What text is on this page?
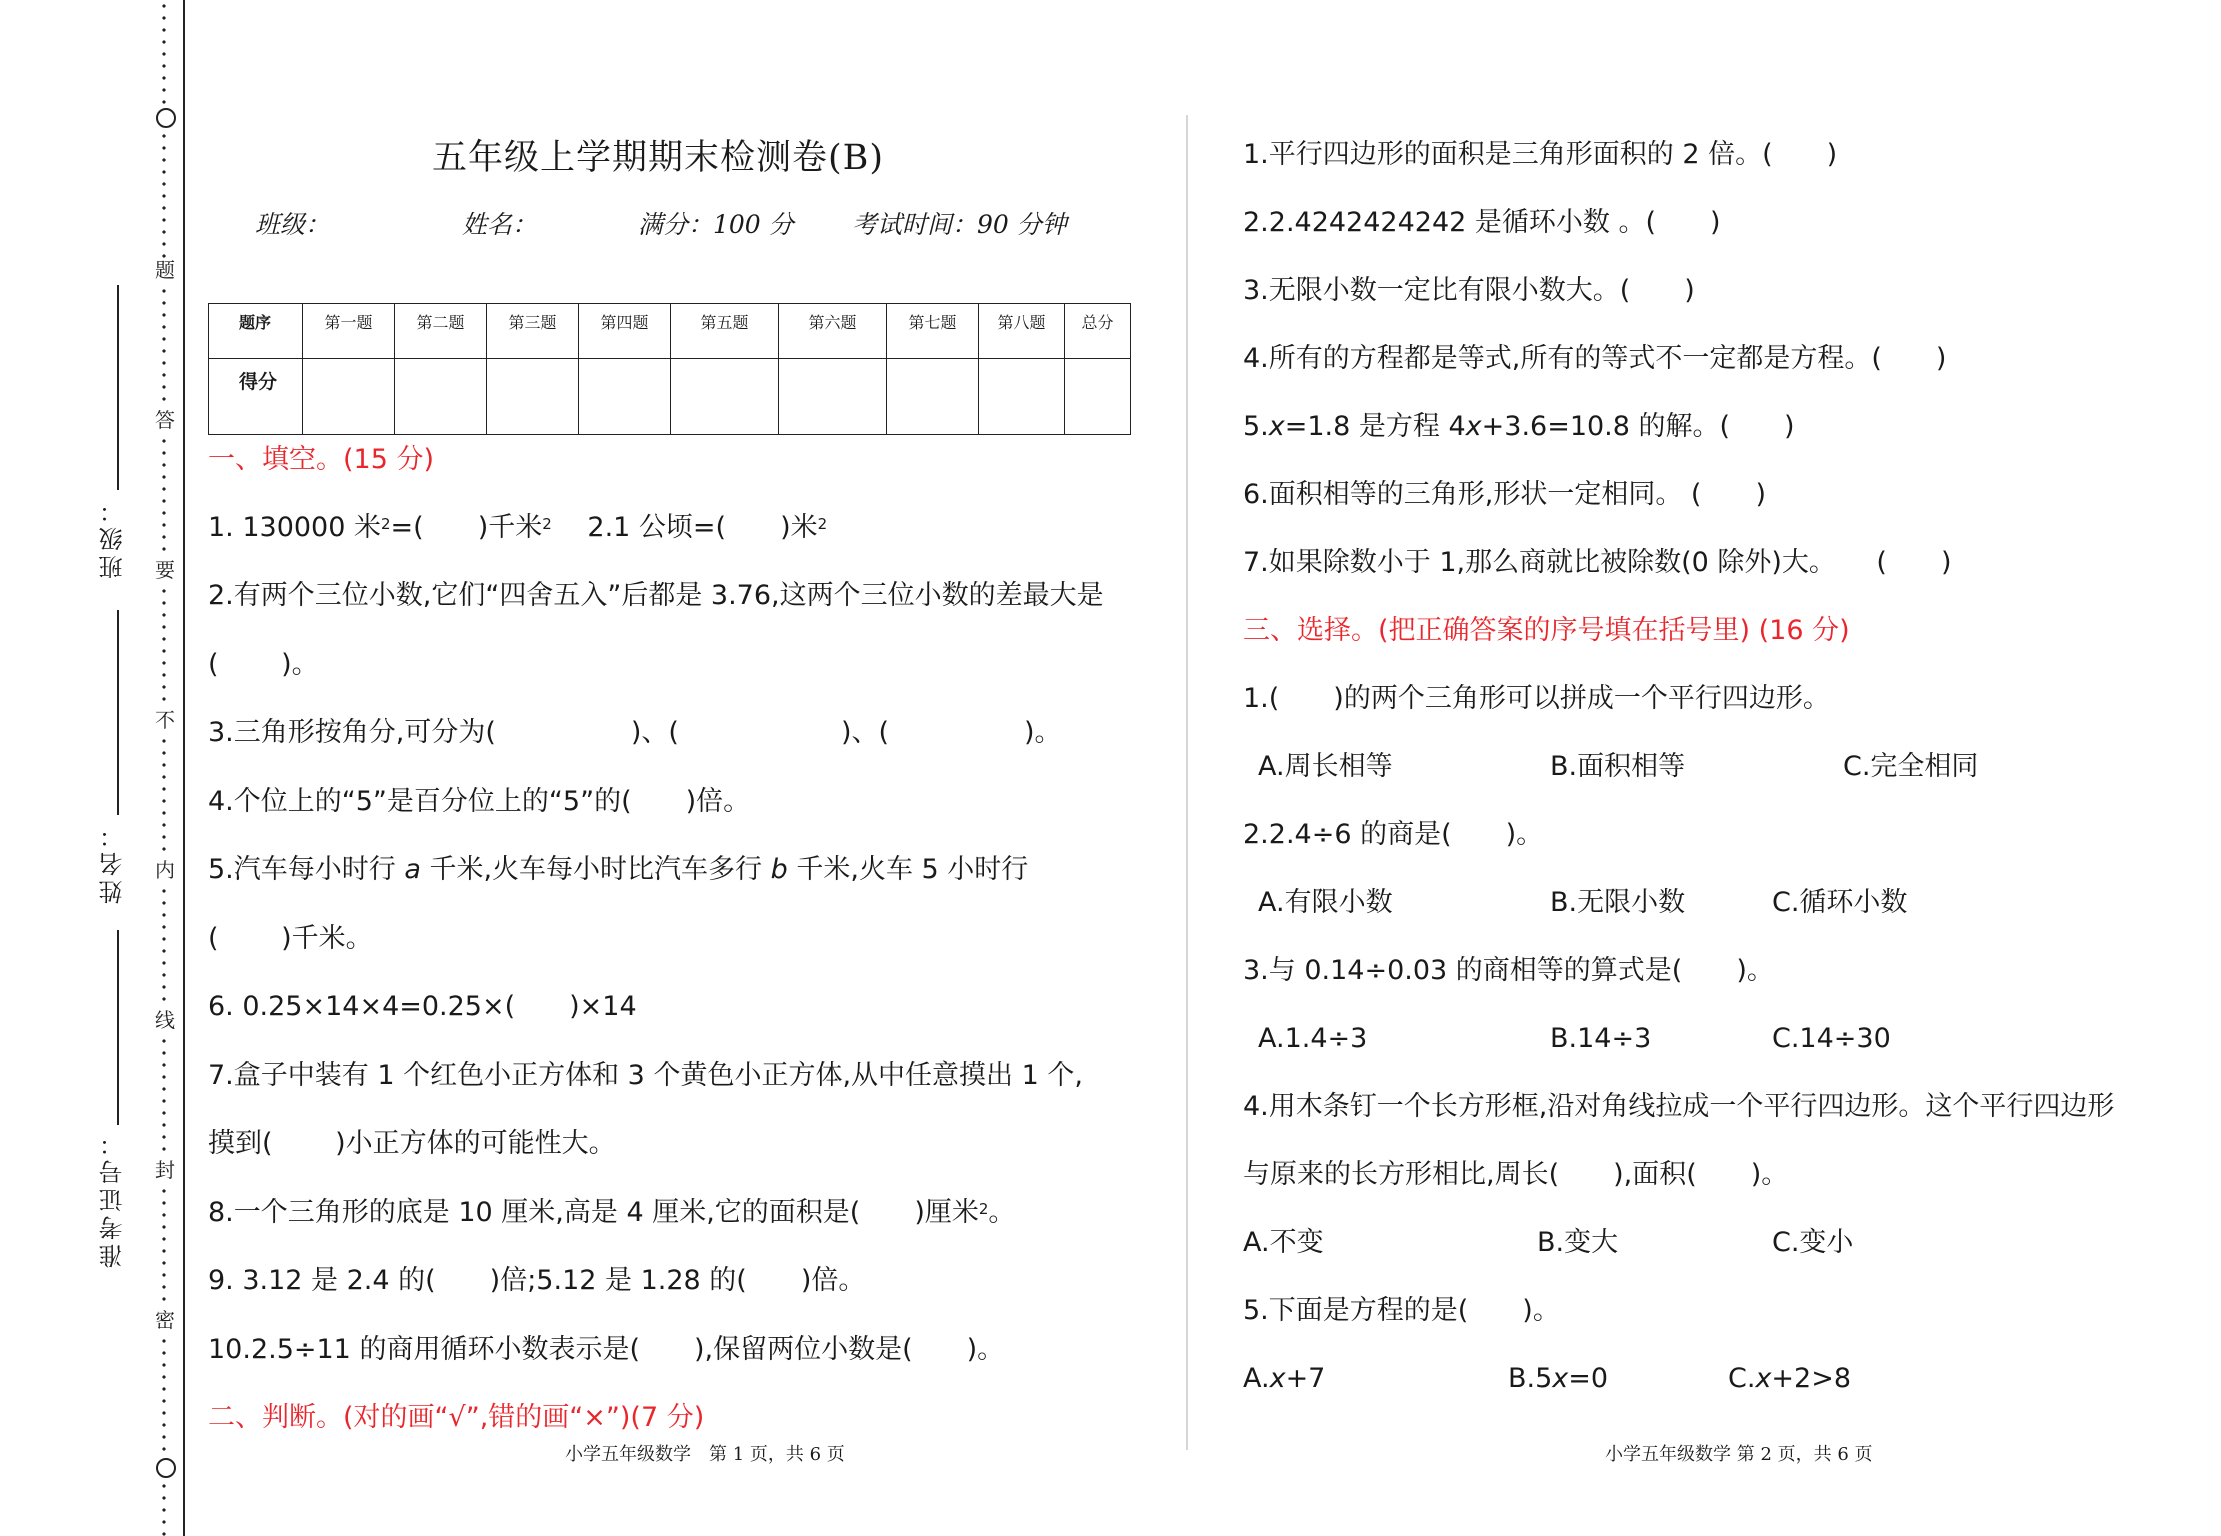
题
答
要
不
内
线
封
密
班级：
姓名：
准考证号：
五年级上学期期末检测卷(B)
班级：	姓名：	满分：100 分 考试时间：90 分钟
题序	第一题	第二题	第三题	第四题	第五题	第六题	第七题	第八题	总分
得分									
一、填空。(15 分)
1. 130000 米$^2$=(　　)千米$^2$　 2.1 公顷=(　　)米$^2$
2.有两个三位小数,它们“四舍五入”后都是 3.76,这两个三位小数的差最大是
(　　 )。
3.三角形按角分,可分为(　　　　　)、(　　　　　　)、(　　　　　)。
4.个位上的“5”是百分位上的“5”的(　　)倍。
5.汽车每小时行 a 千米,火车每小时比汽车多行 b 千米,火车 5 小时行
(　　 )千米。
6. 0.25×14×4=0.25×(　　)×14
7.盒子中装有 1 个红色小正方体和 3 个黄色小正方体,从中任意摸出 1 个,
摸到(　　 )小正方体的可能性大。
8.一个三角形的底是 10 厘米,高是 4 厘米,它的面积是(　　)厘米$^2$。
9. 3.12 是 2.4 的(　　)倍;5.12 是 1.28 的(　　)倍。
10.2.5÷11 的商用循环小数表示是(　　),保留两位小数是(　　)。
二、判断。(对的画“√”,错的画“×”)(7 分)
小学五年级数学　第 1 页，共 6 页
1.平行四边形的面积是三角形面积的 2 倍。(　　)
2.2.4242424242 是循环小数 。(　　)
3.无限小数一定比有限小数大。(　　)
4.所有的方程都是等式,所有的等式不一定都是方程。(　　)
5.x=1.8 是方程 4x+3.6=10.8 的解。(　　)
6.面积相等的三角形,形状一定相同。 (　　)
7.如果除数小于 1,那么商就比被除数(0 除外)大。　　(　　)
三、选择。(把正确答案的序号填在括号里) (16 分)
1.(　　)的两个三角形可以拼成一个平行四边形。
A.周长相等	B.面积相等	C.完全相同
2.2.4÷6 的商是(　　)。
A.有限小数	B.无限小数	C.循环小数
3.与 0.14÷0.03 的商相等的算式是(　　)。
A.1.4÷3	B.14÷3	C.14÷30
4.用木条钉一个长方形框,沿对角线拉成一个平行四边形。这个平行四边形
与原来的长方形相比,周长(　　),面积(　　)。
A.不变	B.变大	C.变小
5.下面是方程的是(　　)。
A.x+7	B.5x=0	C.x+2>8
小学五年级数学 第 2 页，共 6 页
